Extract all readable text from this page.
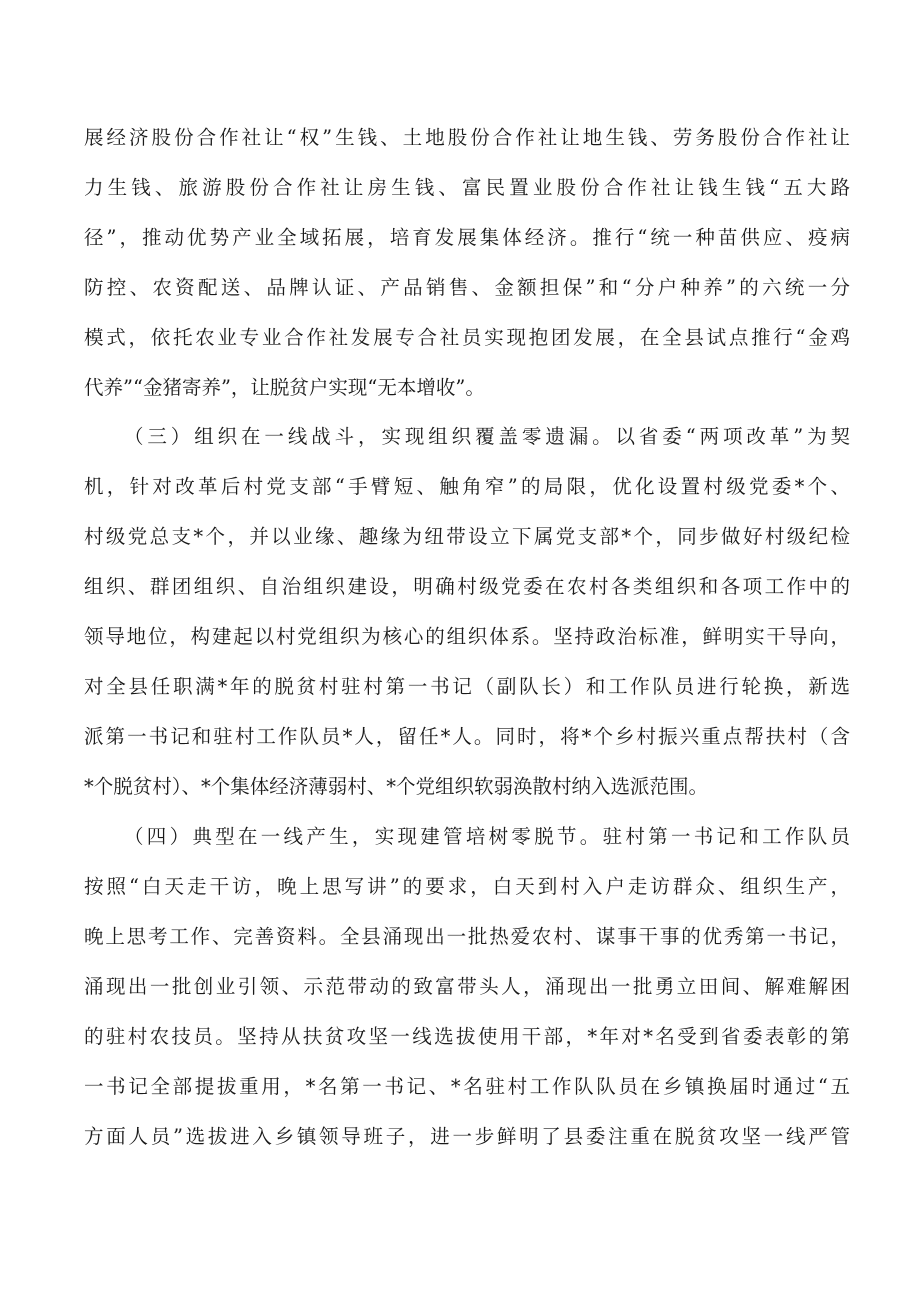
展经济股份合作社让“权”生钱、土地股份合作社让地生钱、劳务股份合作社让
力生钱、旅游股份合作社让房生钱、富民置业股份合作社让钱生钱“五大路
径”，推动优势产业全域拓展，培育发展集体经济。推行“统一种苗供应、疫病
防控、农资配送、品牌认证、产品销售、金额担保”和“分户种养”的六统一分
模式，依托农业专业合作社发展专合社员实现抱团发展，在全县试点推行“金鸡
代养”“金猪寄养”，让脱贫户实现“无本增收”。
（三）组织在一线战斗，实现组织覆盖零遗漏。以省委“两项改革”为契
机，针对改革后村党支部“手臂短、触角窄”的局限，优化设置村级党委*个、
村级党总支*个，并以业缘、趣缘为纽带设立下属党支部*个，同步做好村级纪检
组织、群团组织、自治组织建设，明确村级党委在农村各类组织和各项工作中的
领导地位，构建起以村党组织为核心的组织体系。坚持政治标准，鲜明实干导向，
对全县任职满*年的脱贫村驻村第一书记（副队长）和工作队员进行轮换，新选
派第一书记和驻村工作队员*人，留任*人。同时，将*个乡村振兴重点帮扶村（含
*个脱贫村）、*个集体经济薄弱村、*个党组织软弱涣散村纳入选派范围。
（四）典型在一线产生，实现建管培树零脱节。驻村第一书记和工作队员
按照“白天走干访，晚上思写讲”的要求，白天到村入户走访群众、组织生产，
晚上思考工作、完善资料。全县涌现出一批热爱农村、谋事干事的优秀第一书记，
涌现出一批创业引领、示范带动的致富带头人，涌现出一批勇立田间、解难解困
的驻村农技员。坚持从扶贫攻坚一线选拔使用干部，*年对*名受到省委表彰的第
一书记全部提拔重用，*名第一书记、*名驻村工作队队员在乡镇换届时通过“五
方面人员”选拔进入乡镇领导班子，进一步鲜明了县委注重在脱贫攻坚一线严管
